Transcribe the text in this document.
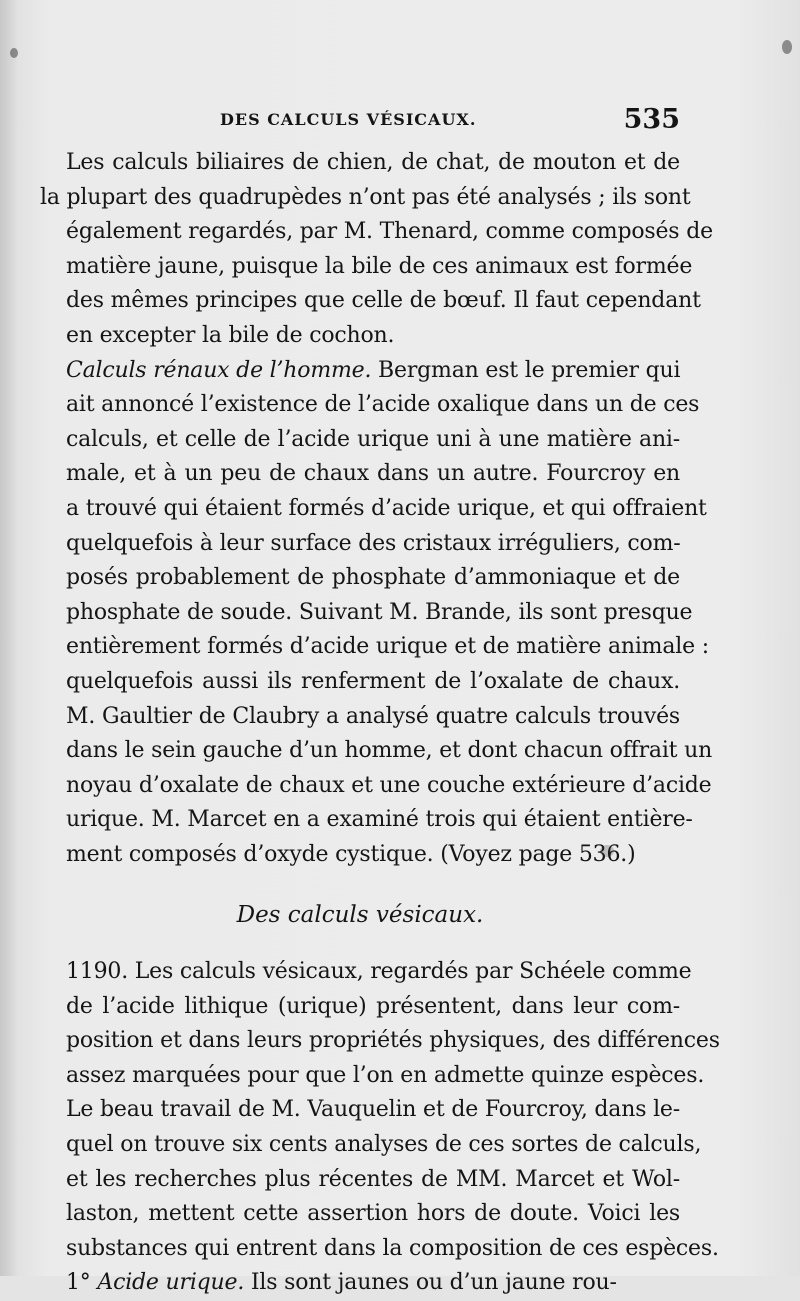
DES CALCULS VÉSICAUX.	535

Les calculs biliaires de chien, de chat, de mouton et de
la plupart des quadrupèdes n’ont pas été analysés ; ils sont
également regardés, par M. Thenard, comme composés de
matière jaune, puisque la bile de ces animaux est formée
des mêmes principes que celle de bœuf. Il faut cependant
en excepter la bile de cochon.

Calculs rénaux de l’homme. Bergman est le premier qui
ait annoncé l’existence de l’acide oxalique dans un de ces
calculs, et celle de l’acide urique uni à une matière ani-
male, et à un peu de chaux dans un autre. Fourcroy en
a trouvé qui étaient formés d’acide urique, et qui offraient
quelquefois à leur surface des cristaux irréguliers, com-
posés probablement de phosphate d’ammoniaque et de
phosphate de soude. Suivant M. Brande, ils sont presque
entièrement formés d’acide urique et de matière animale :
quelquefois aussi ils renferment de l’oxalate de chaux.
M. Gaultier de Claubry a analysé quatre calculs trouvés
dans le sein gauche d’un homme, et dont chacun offrait un
noyau d’oxalate de chaux et une couche extérieure d’acide
urique. M. Marcet en a examiné trois qui étaient entière-
ment composés d’oxyde cystique. (Voyez page 536.)

Des calculs vésicaux.

1190. Les calculs vésicaux, regardés par Schéele comme
de l’acide lithique (urique) présentent, dans leur com-
position et dans leurs propriétés physiques, des différences
assez marquées pour que l’on en admette quinze espèces.
Le beau travail de M. Vauquelin et de Fourcroy, dans le-
quel on trouve six cents analyses de ces sortes de calculs,
et les recherches plus récentes de MM. Marcet et Wol-
laston, mettent cette assertion hors de doute. Voici les
substances qui entrent dans la composition de ces espèces.

1° Acide urique. Ils sont jaunes ou d’un jaune rou-
